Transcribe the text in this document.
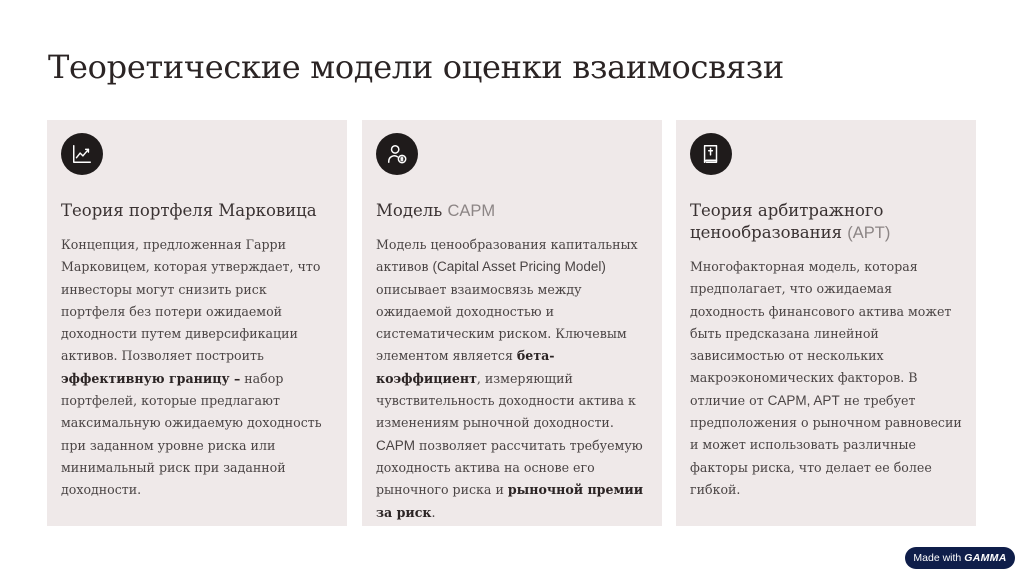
Теоретические модели оценки взаимосвязи
Теория портфеля Марковица
Концепция, предложенная Гарри Марковицем, которая утверждает, что инвесторы могут снизить риск портфеля без потери ожидаемой доходности путем диверсификации активов. Позволяет построить эффективную границу – набор портфелей, которые предлагают максимальную ожидаемую доходность при заданном уровне риска или минимальный риск при заданной доходности.
Модель CAPM
Модель ценообразования капитальных активов (Capital Asset Pricing Model) описывает взаимосвязь между ожидаемой доходностью и систематическим риском. Ключевым элементом является бета-коэффициент, измеряющий чувствительность доходности актива к изменениям рыночной доходности. CAPM позволяет рассчитать требуемую доходность актива на основе его рыночного риска и рыночной премии за риск.
Теория арбитражного ценообразования (APT)
Многофакторная модель, которая предполагает, что ожидаемая доходность финансового актива может быть предсказана линейной зависимостью от нескольких макроэкономических факторов. В отличие от CAPM, APT не требует предположения о рыночном равновесии и может использовать различные факторы риска, что делает ее более гибкой.
Made with GAMMA
